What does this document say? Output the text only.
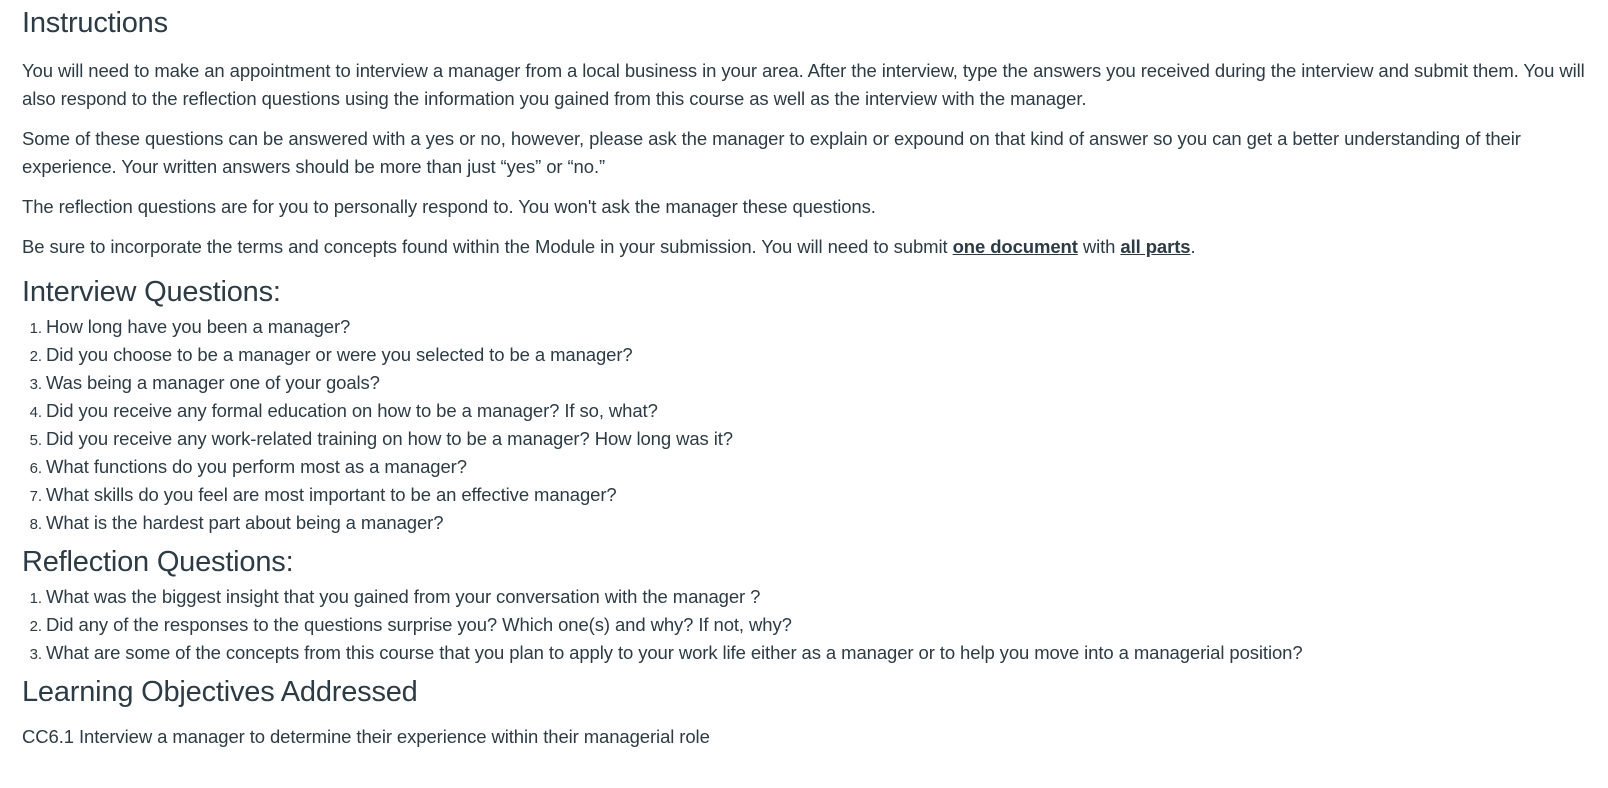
Instructions

You will need to make an appointment to interview a manager from a local business in your area. After the interview, type the answers you received during the interview and submit them. You will also respond to the reflection questions using the information you gained from this course as well as the interview with the manager.

Some of these questions can be answered with a yes or no, however, please ask the manager to explain or expound on that kind of answer so you can get a better understanding of their experience. Your written answers should be more than just “yes” or “no.”

The reflection questions are for you to personally respond to. You won't ask the manager these questions.

Be sure to incorporate the terms and concepts found within the Module in your submission. You will need to submit one document with all parts.

Interview Questions:
1. How long have you been a manager?
2. Did you choose to be a manager or were you selected to be a manager?
3. Was being a manager one of your goals?
4. Did you receive any formal education on how to be a manager? If so, what?
5. Did you receive any work-related training on how to be a manager? How long was it?
6. What functions do you perform most as a manager?
7. What skills do you feel are most important to be an effective manager?
8. What is the hardest part about being a manager?
Reflection Questions:
1. What was the biggest insight that you gained from your conversation with the manager ?
2. Did any of the responses to the questions surprise you? Which one(s) and why? If not, why?
3. What are some of the concepts from this course that you plan to apply to your work life either as a manager or to help you move into a managerial position?
Learning Objectives Addressed

CC6.1 Interview a manager to determine their experience within their managerial role
